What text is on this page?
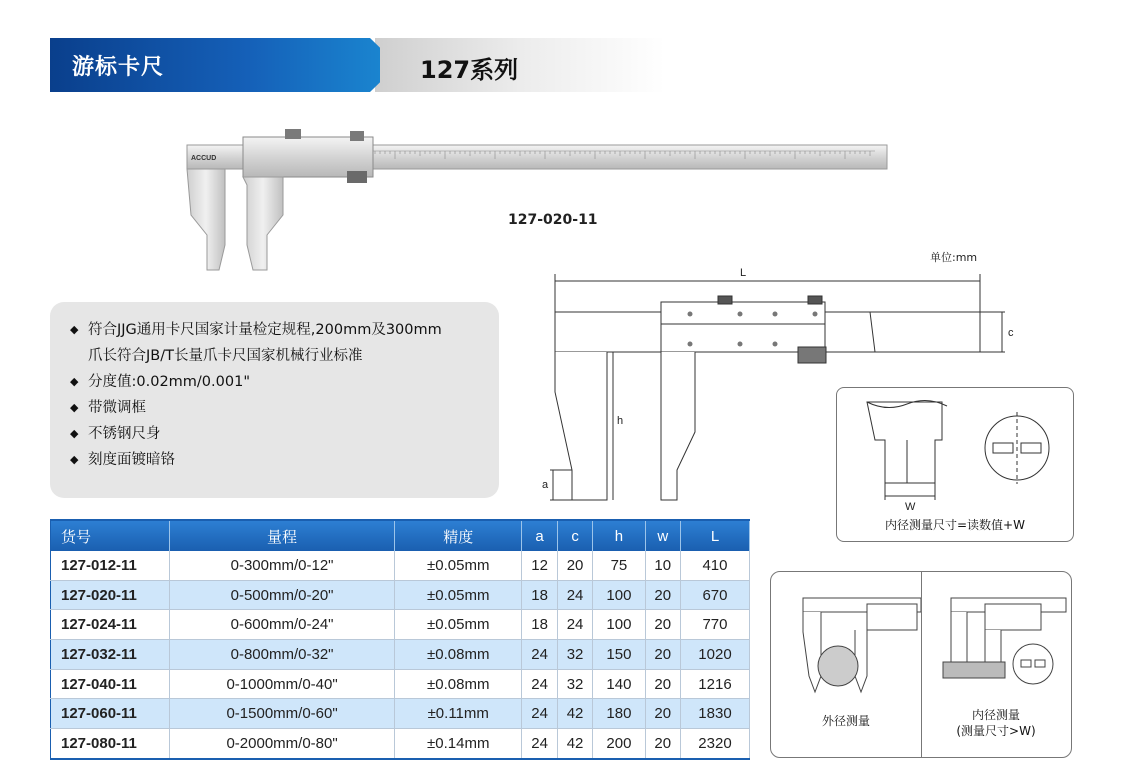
游标卡尺	127系列
ACCUD
127-020-11
单位:mm
L
c
h
a
◆ 符合JJG通用卡尺国家计量检定规程,200mm及300mm
爪长符合JB/T长量爪卡尺国家机械行业标准
◆ 分度值:0.02mm/0.001"
◆ 带微调框
◆ 不锈钢尺身
◆ 刻度面镀暗铬
货号	量程	精度	a	c	h	w	L
127-012-11	0-300mm/0-12"	±0.05mm	12	20	75	10	410
127-020-11	0-500mm/0-20"	±0.05mm	18	24	100	20	670
127-024-11	0-600mm/0-24"	±0.05mm	18	24	100	20	770
127-032-11	0-800mm/0-32"	±0.08mm	24	32	150	20	1020
127-040-11	0-1000mm/0-40"	±0.08mm	24	32	140	20	1216
127-060-11	0-1500mm/0-60"	±0.11mm	24	42	180	20	1830
127-080-11	0-2000mm/0-80"	±0.14mm	24	42	200	20	2320
W
内径测量尺寸=读数值+W
外径测量	内径测量
(测量尺寸>W)
